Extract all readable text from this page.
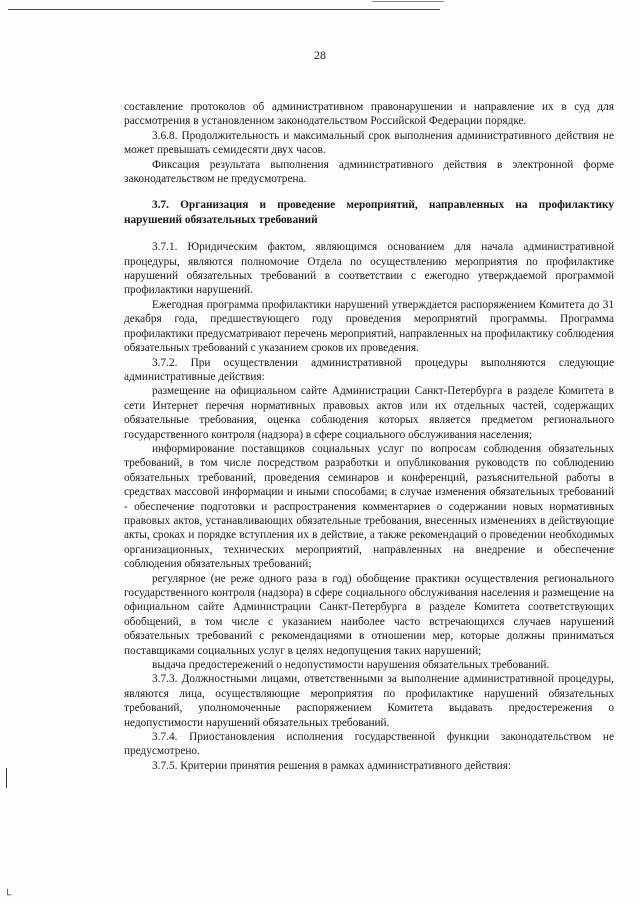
28

составление протоколов об административном правонарушении и направление их в суд для рассмотрения в установленном законодательством Российской Федерации порядке.

3.6.8. Продолжительность и максимальный срок выполнения административного действия не может превышать семидесяти двух часов.

Фиксация результата выполнения административного действия в электронной форме законодательством не предусмотрена.

3.7. Организация и проведение мероприятий, направленных на профилактику нарушений обязательных требований

3.7.1. Юридическим фактом, являющимся основанием для начала административной процедуры, являются полномочие Отдела по осуществлению мероприятия по профилактике нарушений обязательных требований в соответствии с ежегодно утверждаемой программой профилактики нарушений.

Ежегодная программа профилактики нарушений утверждается распоряжением Комитета до 31 декабря года, предшествующего году проведения мероприятий программы. Программа профилактики предусматривают перечень мероприятий, направленных на профилактику соблюдения обязательных требований с указанием сроков их проведения.

3.7.2. При осуществлении административной процедуры выполняются следующие административные действия:

размещение на официальном сайте Администрации Санкт-Петербурга в разделе Комитета в сети Интернет перечня нормативных правовых актов или их отдельных частей, содержащих обязательные требования, оценка соблюдения которых является предметом регионального государственного контроля (надзора) в сфере социального обслуживания населения;

информирование поставщиков социальных услуг по вопросам соблюдения обязательных требований, в том числе посредством разработки и опубликования руководств по соблюдению обязательных требований, проведения семинаров и конференций, разъяснительной работы в средствах массовой информации и иными способами; в случае изменения обязательных требований - обеспечение подготовки и распространения комментариев о содержании новых нормативных правовых актов, устанавливающих обязательные требования, внесенных изменениях в действующие акты, сроках и порядке вступления их в действие, а также рекомендаций о проведении необходимых организационных, технических мероприятий, направленных на внедрение и обеспечение соблюдения обязательных требований;

регулярное (не реже одного раза в год) обобщение практики осуществления регионального государственного контроля (надзора) в сфере социального обслуживания населения и размещение на официальном сайте Администрации Санкт-Петербурга в разделе Комитета соответствующих обобщений, в том числе с указанием наиболее часто встречающихся случаев нарушений обязательных требований с рекомендациями в отношении мер, которые должны приниматься поставщиками социальных услуг в целях недопущения таких нарушений;

выдача предостережений о недопустимости нарушения обязательных требований.

3.7.3. Должностными лицами, ответственными за выполнение административной процедуры, являются лица, осуществляющие мероприятия по профилактике нарушений обязательных требований, уполномоченные распоряжением Комитета выдавать предостережения о недопустимости нарушений обязательных требований.

3.7.4. Приостановления исполнения государственной функции законодательством не предусмотрено.

3.7.5. Критерии принятия решения в рамках административного действия:

└
